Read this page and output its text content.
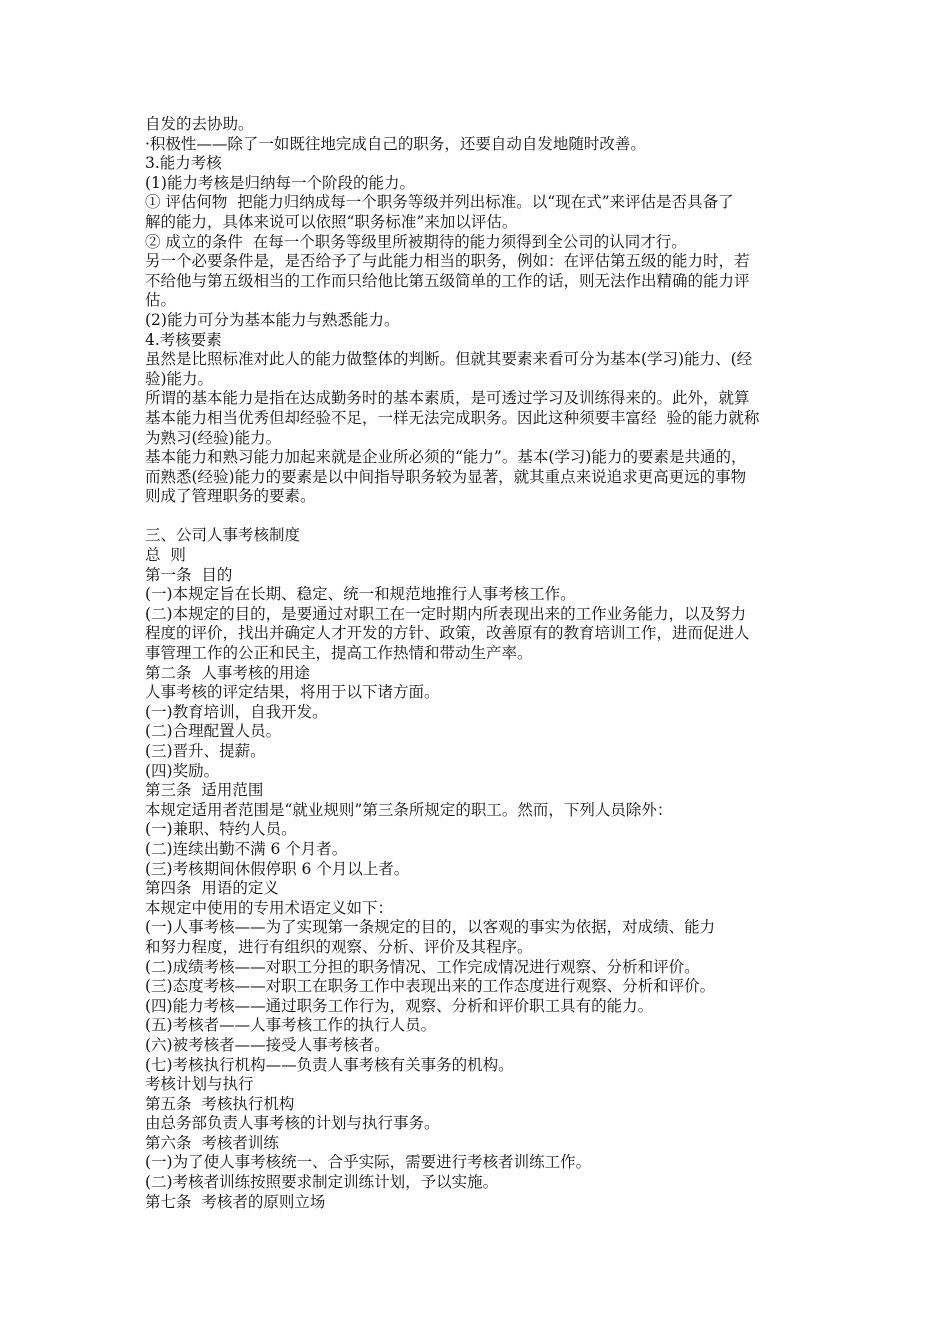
自发的去协助。
·积极性——除了一如既往地完成自己的职务，还要自动自发地随时改善。
3.能力考核
(1)能力考核是归纳每一个阶段的能力。
① 评估何物  把能力归纳成每一个职务等级并列出标准。以“现在式”来评估是否具备了
解的能力，具体来说可以依照“职务标准”来加以评估。
② 成立的条件  在每一个职务等级里所被期待的能力须得到全公司的认同才行。
另一个必要条件是，是否给予了与此能力相当的职务，例如：在评估第五级的能力时，若
不给他与第五级相当的工作而只给他比第五级简单的工作的话，则无法作出精确的能力评
估。
(2)能力可分为基本能力与熟悉能力。
4.考核要素
虽然是比照标准对此人的能力做整体的判断。但就其要素来看可分为基本(学习)能力、(经
验)能力。
所谓的基本能力是指在达成勤务时的基本素质，是可透过学习及训练得来的。此外，就算
基本能力相当优秀但却经验不足，一样无法完成职务。因此这种须要丰富经  验的能力就称
为熟习(经验)能力。
基本能力和熟习能力加起来就是企业所必须的“能力”。基本(学习)能力的要素是共通的，
而熟悉(经验)能力的要素是以中间指导职务较为显著，就其重点来说追求更高更远的事物
则成了管理职务的要素。
三、公司人事考核制度
总  则
第一条  目的
(一)本规定旨在长期、稳定、统一和规范地推行人事考核工作。
(二)本规定的目的，是要通过对职工在一定时期内所表现出来的工作业务能力，以及努力
程度的评价，找出并确定人才开发的方针、政策，改善原有的教育培训工作，进而促进人
事管理工作的公正和民主，提高工作热情和带动生产率。
第二条  人事考核的用途
人事考核的评定结果，将用于以下诸方面。
(一)教育培训，自我开发。
(二)合理配置人员。
(三)晋升、提薪。
(四)奖励。
第三条  适用范围
本规定适用者范围是“就业规则”第三条所规定的职工。然而，下列人员除外：
(一)兼职、特约人员。
(二)连续出勤不满 6 个月者。
(三)考核期间休假停职 6 个月以上者。
第四条  用语的定义
本规定中使用的专用术语定义如下：
(一)人事考核——为了实现第一条规定的目的，以客观的事实为依据，对成绩、能力
和努力程度，进行有组织的观察、分析、评价及其程序。
(二)成绩考核——对职工分担的职务情况、工作完成情况进行观察、分析和评价。
(三)态度考核——对职工在职务工作中表现出来的工作态度进行观察、分析和评价。
(四)能力考核——通过职务工作行为，观察、分析和评价职工具有的能力。
(五)考核者——人事考核工作的执行人员。
(六)被考核者——接受人事考核者。
(七)考核执行机构——负责人事考核有关事务的机构。
考核计划与执行
第五条  考核执行机构
由总务部负责人事考核的计划与执行事务。
第六条  考核者训练
(一)为了使人事考核统一、合乎实际，需要进行考核者训练工作。
(二)考核者训练按照要求制定训练计划，予以实施。
第七条  考核者的原则立场
